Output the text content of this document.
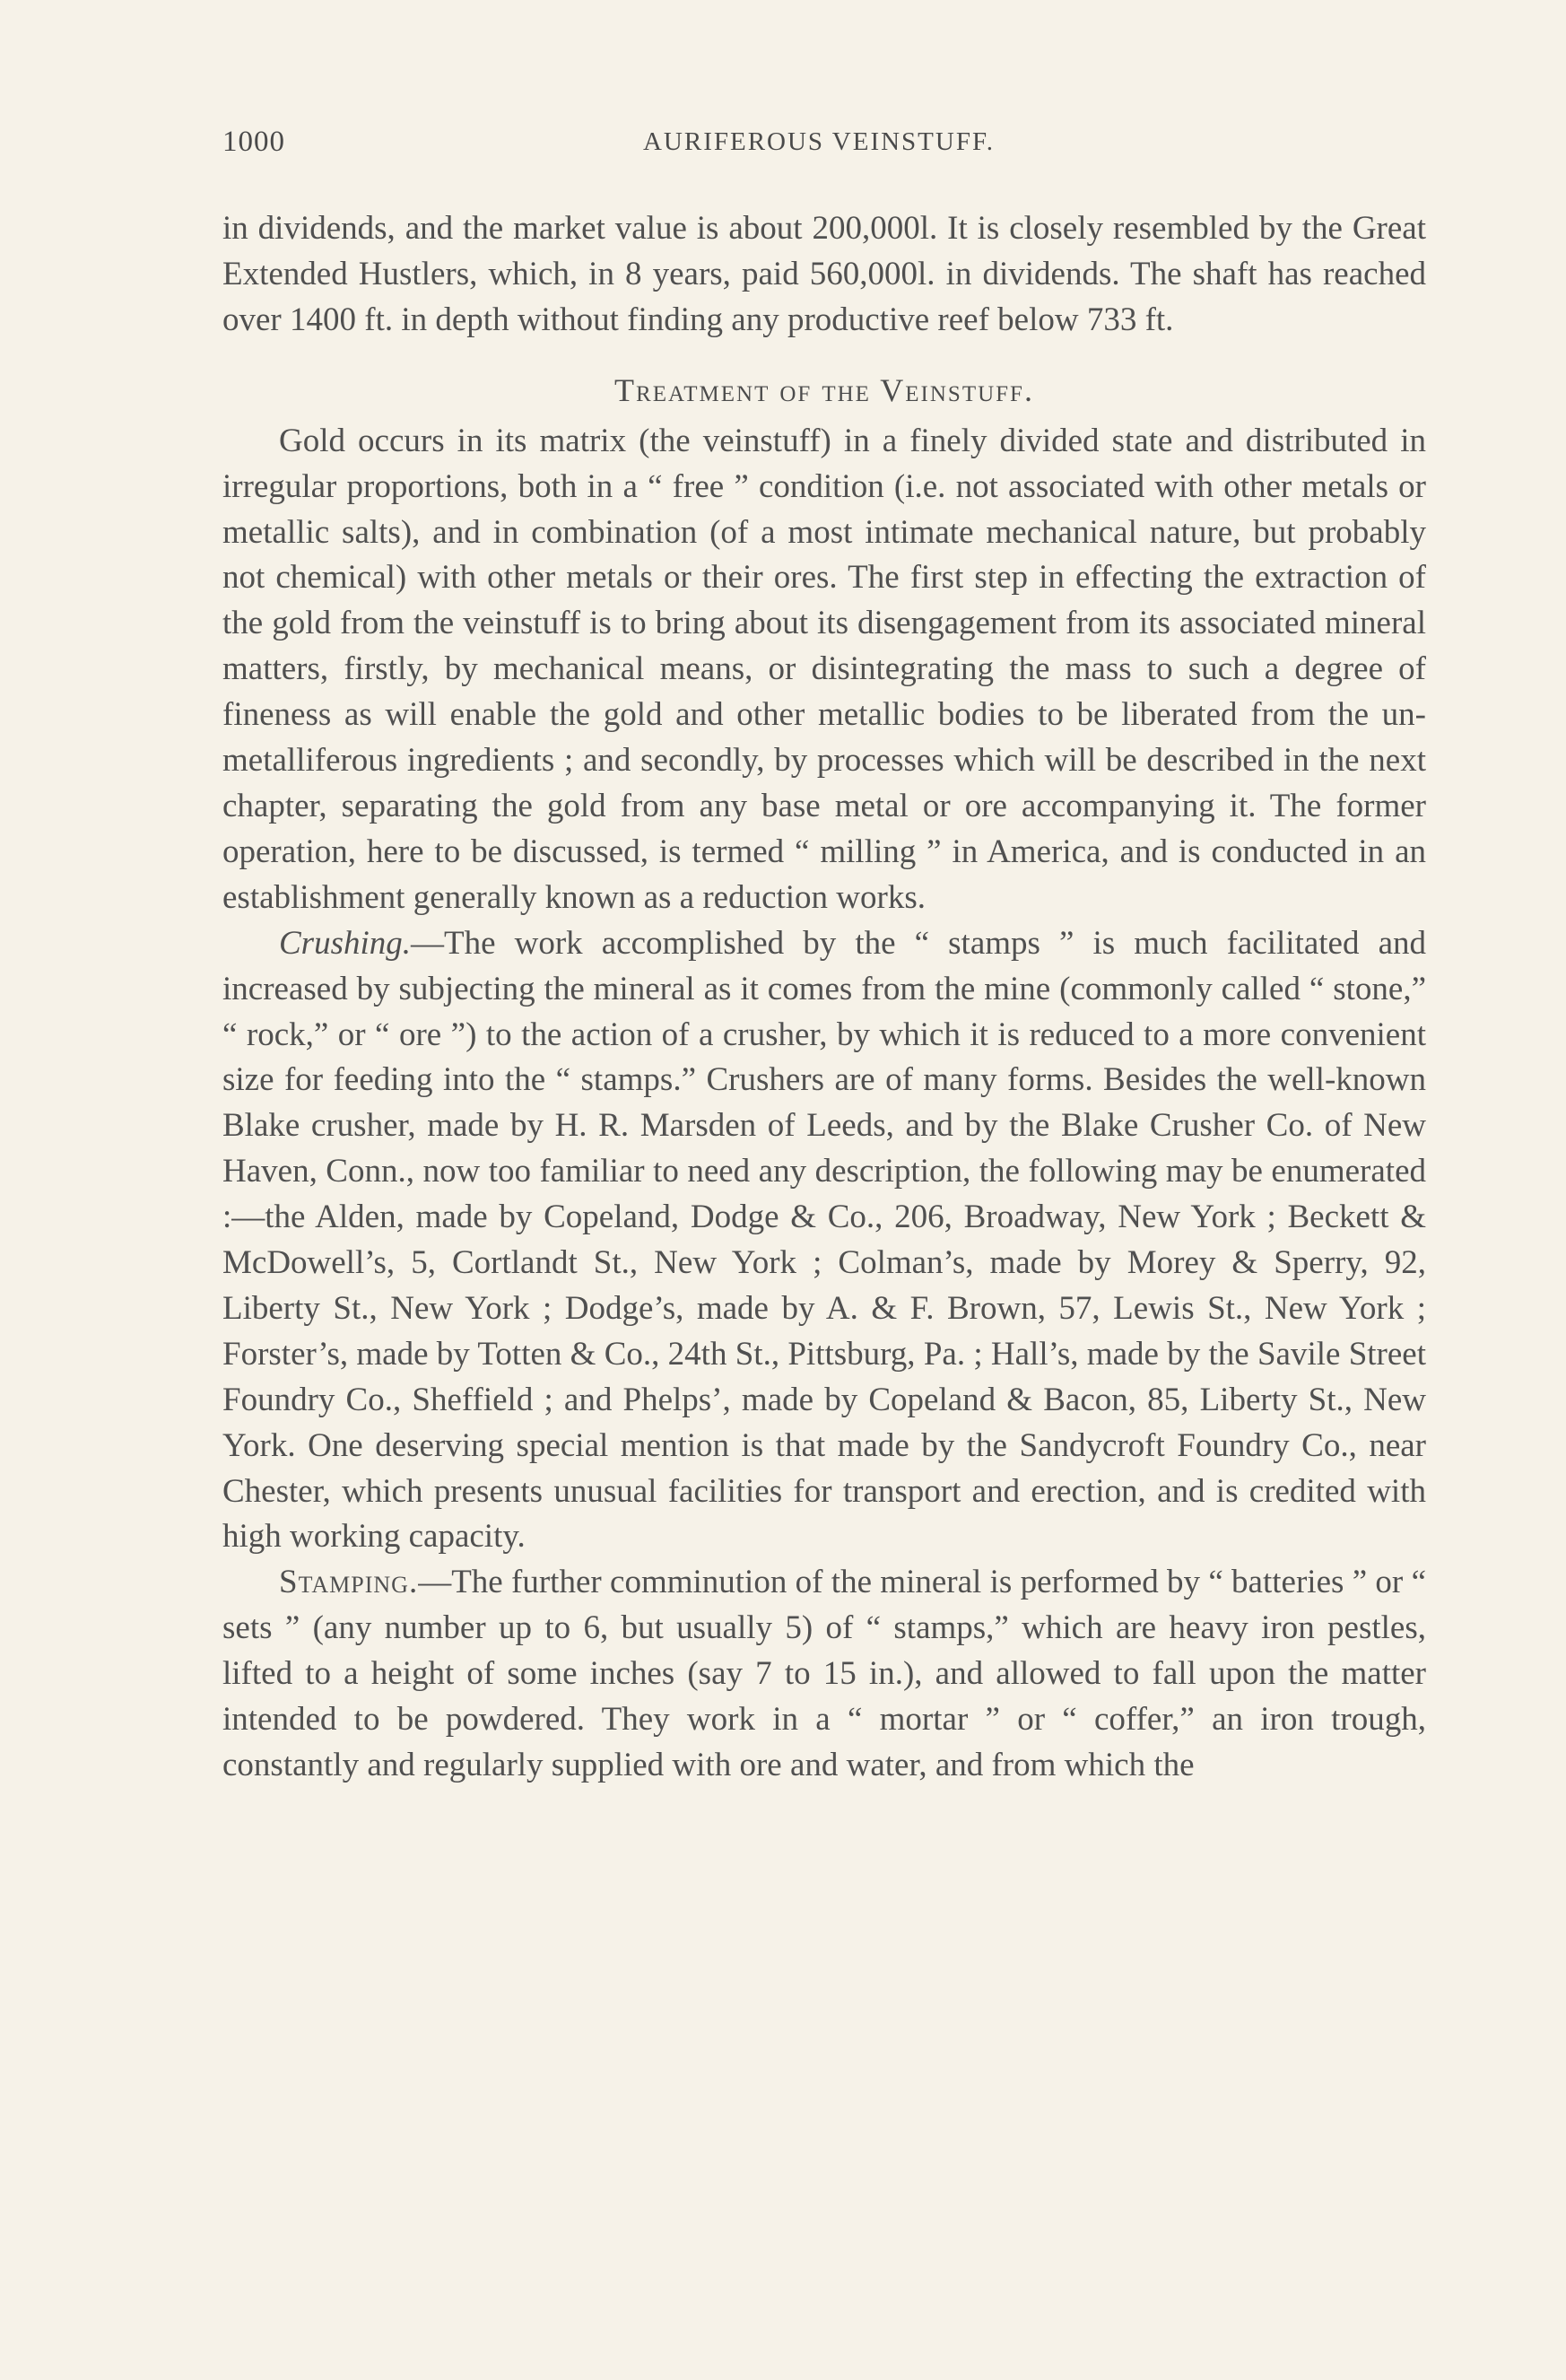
1000	AURIFEROUS VEINSTUFF.

in dividends, and the market value is about 200,000l. It is closely resembled by the Great Extended Hustlers, which, in 8 years, paid 560,000l. in dividends. The shaft has reached over 1400 ft. in depth without finding any productive reef below 733 ft.

Treatment of the Veinstuff.

Gold occurs in its matrix (the veinstuff) in a finely divided state and distributed in irregular proportions, both in a “ free ” condition (i.e. not associated with other metals or metallic salts), and in combination (of a most intimate mechanical nature, but probably not chemical) with other metals or their ores. The first step in effecting the extraction of the gold from the veinstuff is to bring about its disengagement from its associated mineral matters, firstly, by mechanical means, or disintegrating the mass to such a degree of fineness as will enable the gold and other metallic bodies to be liberated from the un-metalliferous ingredients ; and secondly, by processes which will be described in the next chapter, separating the gold from any base metal or ore accompanying it. The former operation, here to be discussed, is termed “ milling ” in America, and is conducted in an establishment generally known as a reduction works.

Crushing.—The work accomplished by the “ stamps ” is much facilitated and increased by subjecting the mineral as it comes from the mine (commonly called “ stone,” “ rock,” or “ ore ”) to the action of a crusher, by which it is reduced to a more convenient size for feeding into the “ stamps.” Crushers are of many forms. Besides the well-known Blake crusher, made by H. R. Marsden of Leeds, and by the Blake Crusher Co. of New Haven, Conn., now too familiar to need any description, the following may be enumerated :—the Alden, made by Copeland, Dodge & Co., 206, Broadway, New York ; Beckett & McDowell’s, 5, Cortlandt St., New York ; Colman’s, made by Morey & Sperry, 92, Liberty St., New York ; Dodge’s, made by A. & F. Brown, 57, Lewis St., New York ; Forster’s, made by Totten & Co., 24th St., Pittsburg, Pa. ; Hall’s, made by the Savile Street Foundry Co., Sheffield ; and Phelps’, made by Copeland & Bacon, 85, Liberty St., New York. One deserving special mention is that made by the Sandycroft Foundry Co., near Chester, which presents unusual facilities for transport and erection, and is credited with high working capacity.

Stamping.—The further comminution of the mineral is performed by “ batteries ” or “ sets ” (any number up to 6, but usually 5) of “ stamps,” which are heavy iron pestles, lifted to a height of some inches (say 7 to 15 in.), and allowed to fall upon the matter intended to be powdered. They work in a “ mortar ” or “ coffer,” an iron trough, constantly and regularly supplied with ore and water, and from which the
